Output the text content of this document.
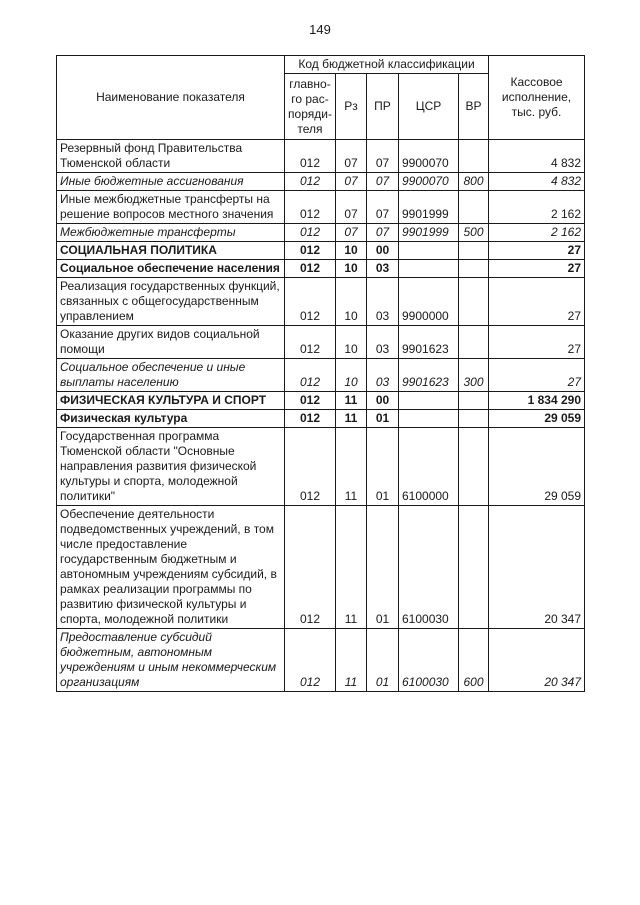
149
Наименование показателя	Код бюджетной классификации					Кассовое исполнение, тыс. руб.
	главно-го рас-поряди-теля	Рз	ПР	ЦСР	ВР	
Резервный фонд Правительства Тюменской области	012	07	07	9900070		4 832
Иные бюджетные ассигнования	012	07	07	9900070	800	4 832
Иные межбюджетные трансферты на решение вопросов местного значения	012	07	07	9901999		2 162
Межбюджетные трансферты	012	07	07	9901999	500	2 162
СОЦИАЛЬНАЯ ПОЛИТИКА	012	10	00			27
Социальное обеспечение населения	012	10	03			27
Реализация государственных функций, связанных с общегосударственным управлением	012	10	03	9900000		27
Оказание других видов социальной помощи	012	10	03	9901623		27
Социальное обеспечение и иные выплаты населению	012	10	03	9901623	300	27
ФИЗИЧЕСКАЯ КУЛЬТУРА И СПОРТ	012	11	00			1 834 290
Физическая культура	012	11	01			29 059
Государственная программа Тюменской области "Основные направления развития физической культуры и спорта, молодежной политики"	012	11	01	6100000		29 059
Обеспечение деятельности подведомственных учреждений, в том числе предоставление государственным бюджетным и автономным учреждениям субсидий, в рамках реализации программы по развитию физической культуры и спорта, молодежной политики	012	11	01	6100030		20 347
Предоставление субсидий бюджетным, автономным учреждениям и иным некоммерческим организациям	012	11	01	6100030	600	20 347
